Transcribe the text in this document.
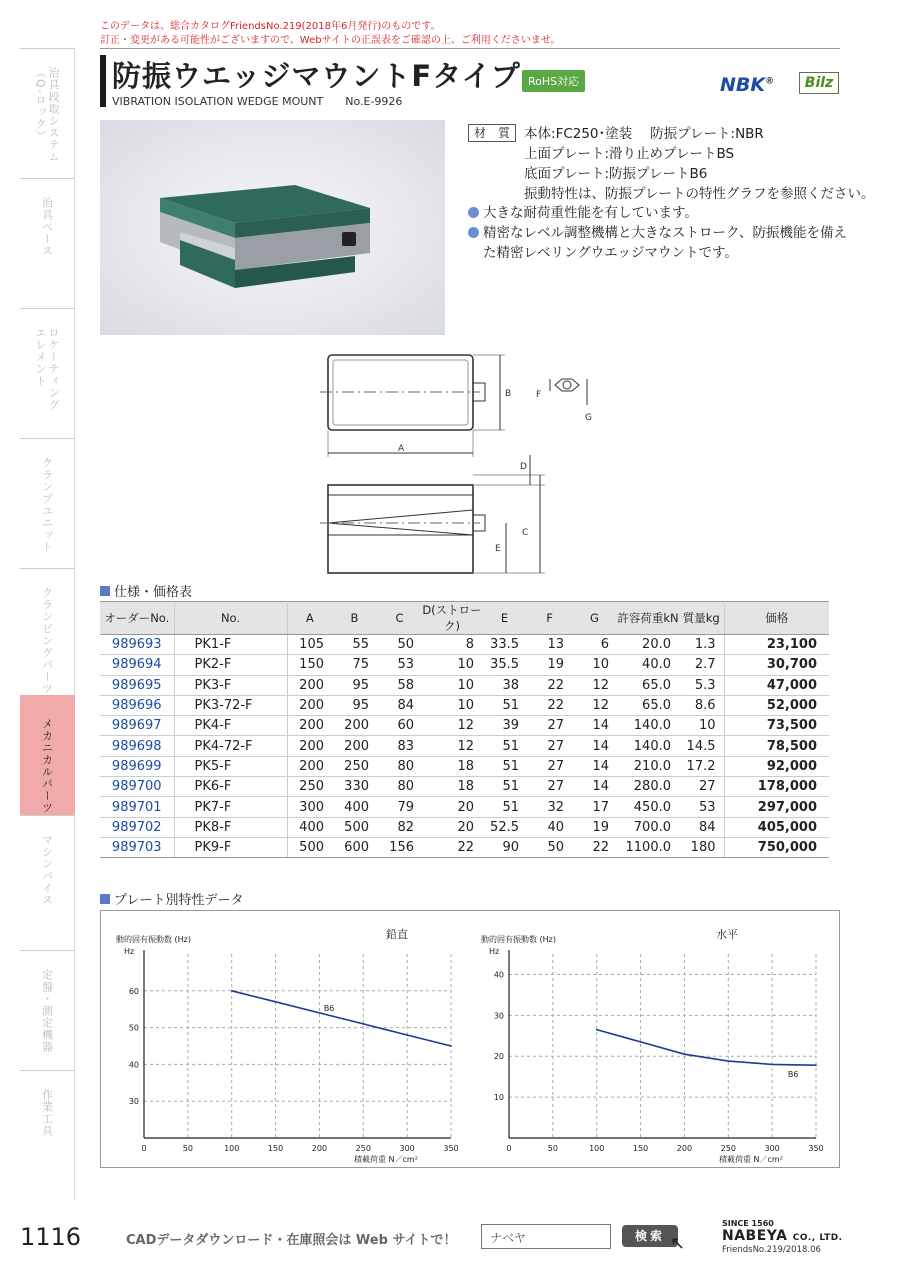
このデータは、総合カタログFriendsNo.219(2018年6月発行)のものです。
訂正・変更がある可能性がございますので、Webサイトの正誤表をご確認の上、ご利用くださいませ。
治具段取システム
（Q-ロック）
治具ベース
ロケーティング
エレメント
クランプユニット
クランピングパーツ
メカニカルパーツ
マシンバイス
定盤・測定機器
作業工具
防振ウエッジマウントFタイプ RoHS対応
VIBRATION ISOLATION WEDGE MOUNT No.E-9926
NBK®	Bilz
材　質 本体:FC250･塗装　 防振プレート:NBR
上面プレート:滑り止めプレートBS
底面プレート:防振プレートB6
振動特性は、防振プレートの特性グラフを参照ください。
大きな耐荷重性能を有しています。
精密なレベル調整機構と大きなストローク、防振機能を備えた精密レベリングウエッジマウントです。
B
A
F
G
D
C
E
仕様・価格表
オーダーNo.	No.	A	B	C	D(ストローク)	E	F	G	許容荷重kN	質量kg	価格
989693	PK1-F	105	55	50	8	33.5	13	6	20.0	1.3	23,100
989694	PK2-F	150	75	53	10	35.5	19	10	40.0	2.7	30,700
989695	PK3-F	200	95	58	10	38	22	12	65.0	5.3	47,000
989696	PK3-72-F	200	95	84	10	51	22	12	65.0	8.6	52,000
989697	PK4-F	200	200	60	12	39	27	14	140.0	10	73,500
989698	PK4-72-F	200	200	83	12	51	27	14	140.0	14.5	78,500
989699	PK5-F	200	250	80	18	51	27	14	210.0	17.2	92,000
989700	PK6-F	250	330	80	18	51	27	14	280.0	27	178,000
989701	PK7-F	300	400	79	20	51	32	17	450.0	53	297,000
989702	PK8-F	400	500	82	20	52.5	40	19	700.0	84	405,000
989703	PK9-F	500	600	156	22	90	50	22	1100.0	180	750,000
プレート別特性データ
鉛直
動的固有振動数 (Hz)
Hz
0	50	100	150	200	250	300	350
30
40
50
60
積載荷重 N／cm²
B6
水平
動的固有振動数 (Hz)
Hz
0	50	100	150	200	250	300	350
10
20
30
40
積載荷重 N／cm²
B6
1116	CADデータダウンロード・在庫照会は Web サイトで！	ナベヤ	検索 ↖
SINCE 1560
NABEYA CO., LTD.
FriendsNo.219/2018.06
